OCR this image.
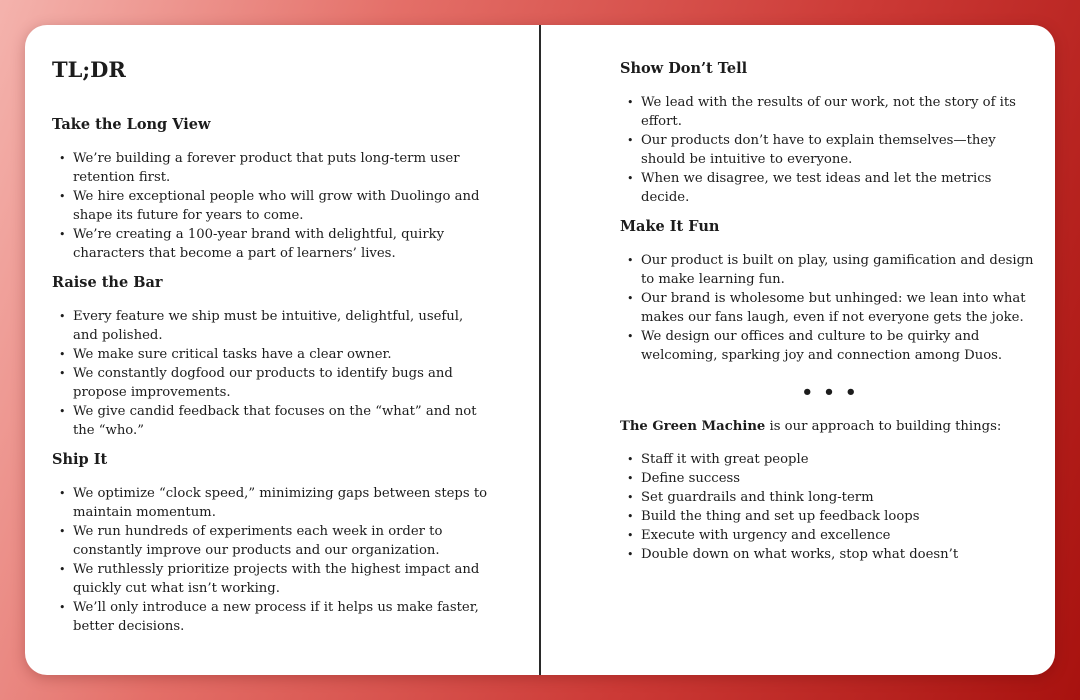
TL;DR
Take the Long View
• We’re building a forever product that puts long-term user retention first.
• We hire exceptional people who will grow with Duolingo and shape its future for years to come.
• We’re creating a 100-year brand with delightful, quirky characters that become a part of learners’ lives.
Raise the Bar
• Every feature we ship must be intuitive, delightful, useful, and polished.
• We make sure critical tasks have a clear owner.
• We constantly dogfood our products to identify bugs and propose improvements.
• We give candid feedback that focuses on the “what” and not the “who.”
Ship It
• We optimize “clock speed,” minimizing gaps between steps to maintain momentum.
• We run hundreds of experiments each week in order to constantly improve our products and our organization.
• We ruthlessly prioritize projects with the highest impact and quickly cut what isn’t working.
• We’ll only introduce a new process if it helps us make faster, better decisions.
Show Don’t Tell
• We lead with the results of our work, not the story of its effort.
• Our products don’t have to explain themselves—they should be intuitive to everyone.
• When we disagree, we test ideas and let the metrics decide.
Make It Fun
• Our product is built on play, using gamification and design to make learning fun.
• Our brand is wholesome but unhinged: we lean into what makes our fans laugh, even if not everyone gets the joke.
• We design our offices and culture to be quirky and welcoming, sparking joy and connection among Duos.
• • •

The Green Machine is our approach to building things:

• Staff it with great people
• Define success
• Set guardrails and think long-term
• Build the thing and set up feedback loops
• Execute with urgency and excellence
• Double down on what works, stop what doesn’t
